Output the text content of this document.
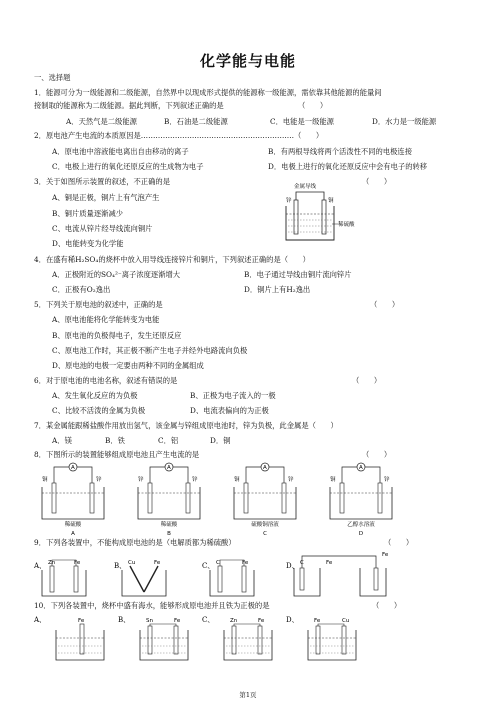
化学能与电能
一、选择题
1．能源可分为一级能源和二级能源，自然界中以现成形式提供的能源称一级能源，需依靠其他能源的能量间
接制取的能源称为二级能源。据此判断，下列叙述正确的是	（　　）
A．天然气是二级能源	B．石油是二级能源	C．电能是一级能源	D．水力是一级能源
2．原电池产生电流的本质原因是………………………………………………………（　　）
A．原电池中溶液能电离出自由移动的离子	B．有两根导线将两个活泼性不同的电极连接
C．电极上进行的氧化还原反应的生成物为电子	D．电极上进行的氧化还原反应中会有电子的转移
3．关于如图所示装置的叙述，不正确的是	（　　）
A、铜是正极，铜片上有气泡产生
B、铜片质量逐渐减少
C、电流从锌片经导线流向铜片
D、电能转变为化学能
金属导线
锌	铜
稀硫酸
4．在盛有稀H₂SO₄的烧杯中放入用导线连接锌片和铜片，下列叙述正确的是（　　）
A．正极附近的SO₄²⁻离子浓度逐渐增大	B．电子通过导线由铜片流向锌片
C．正极有O₂逸出	D．铜片上有H₂逸出
5．下列关于原电池的叙述中，正确的是	（　　）
A、原电池能将化学能转变为电能
B、原电池的负极得电子，发生还原反应
C、原电池工作时，其正极不断产生电子并经外电路流向负极
D、原电池的电极一定要由两种不同的金属组成
6．对于原电池的电池名称，叙述有错误的是	（　　）
A、发生氧化反应的为负极	B、正极为电子流入的一极
C、比较不活泼的金属为负极	D、电流表偏向的为正极
7．某金属能跟稀盐酸作用放出氢气，该金属与锌组成原电池时，锌为负极，此金属是（　　）
A．镁	B．铁	C．铝	D．铜
8．下图所示的装置能够组成原电池且产生电流的是	（　　）
A
铜	锌
稀硫酸
A
A
锌	锌
稀硫酸
B
A
铜	锌
硫酸铜溶液
C
A
铜	锌
乙醇水溶液
D
9．下列各装置中，不能构成原电池的是（电解质都为稀硫酸）	（　　）
A、 Zn	Fe	B、 Cu	Fe	C、 C	Fe	D、 C	Fe
Fe
10．下列各装置中，烧杯中盛有海水，能够形成原电池并且铁为正极的是	（　　）
A、	Fe	B、	Sn	Fe	C、	Zn	Fe	D、	Fe	Cu
第1页
